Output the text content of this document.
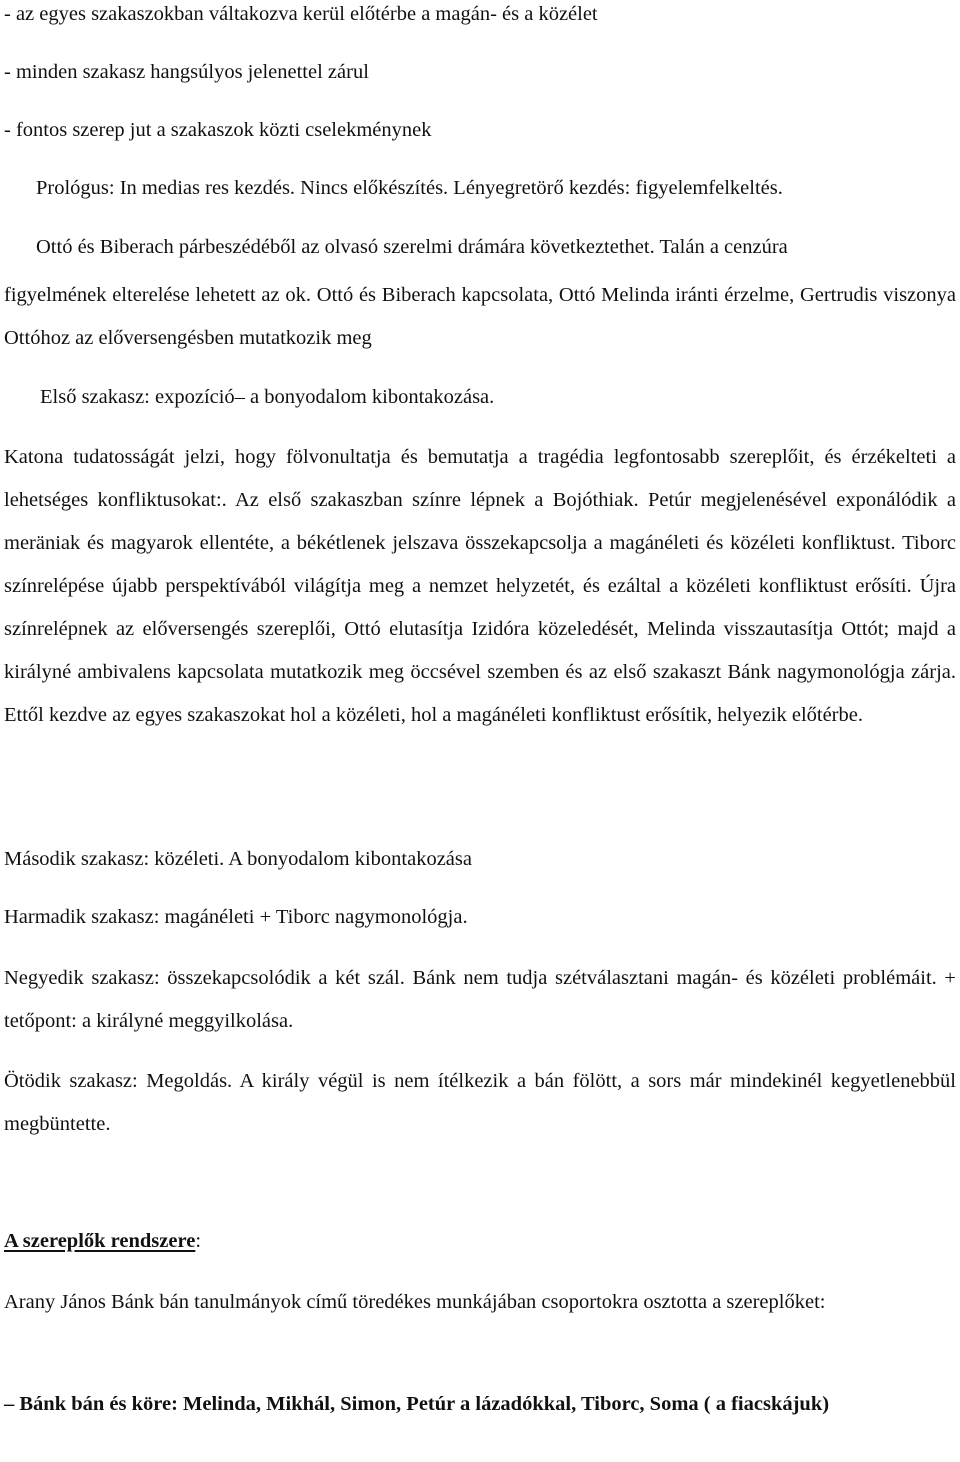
- az egyes szakaszokban váltakozva kerül előtérbe a magán- és a közélet
- minden szakasz hangsúlyos jelenettel zárul
- fontos szerep jut a szakaszok közti cselekménynek
Prológus: In medias res kezdés. Nincs előkészítés. Lényegretörő kezdés: figyelemfelkeltés.
Ottó és Biberach párbeszédéből az olvasó szerelmi drámára következtethet. Talán a cenzúra
figyelmének elterelése lehetett az ok. Ottó és Biberach kapcsolata, Ottó Melinda iránti érzelme, Gertrudis viszonya Ottóhoz az előversengésben mutatkozik meg
Első szakasz: expozíció– a bonyodalom kibontakozása.
Katona tudatosságát jelzi, hogy fölvonultatja és bemutatja a tragédia legfontosabb szereplőit, és érzékelteti a lehetséges konfliktusokat:. Az első szakaszban színre lépnek a Bojóthiak. Petúr megjelenésével exponálódik a meräniak és magyarok ellentéte, a békétlenek jelszava összekapcsolja a magánéleti és közéleti konfliktust. Tiborc színrelépése újabb perspektívából világítja meg a nemzet helyzetét, és ezáltal a közéleti konfliktust erősíti. Újra színrelépnek az előversengés szereplői, Ottó elutasítja Izidóra közeledését, Melinda visszautasítja Ottót; majd a királyné ambivalens kapcsolata mutatkozik meg öccsével szemben és az első szakaszt Bánk nagymonológja zárja. Ettől kezdve az egyes szakaszokat hol a közéleti, hol a magánéleti konfliktust erősítik, helyezik előtérbe.
Második szakasz: közéleti. A bonyodalom kibontakozása
Harmadik szakasz: magánéleti + Tiborc nagymonológja.
Negyedik szakasz: összekapcsolódik a két szál. Bánk nem tudja szétválasztani magán- és közéleti problémáit. + tetőpont: a királyné meggyilkolása.
Ötödik szakasz: Megoldás. A király végül is nem ítélkezik a bán fölött, a sors már mindekinél kegyetlenebbül megbüntette.
A szereplők rendszere:
Arany János Bánk bán tanulmányok című töredékes munkájában csoportokra osztotta a szereplőket:
– Bánk bán és köre: Melinda, Mikhál, Simon, Petúr a lázadókkal, Tiborc, Soma ( a fiacskájuk)
